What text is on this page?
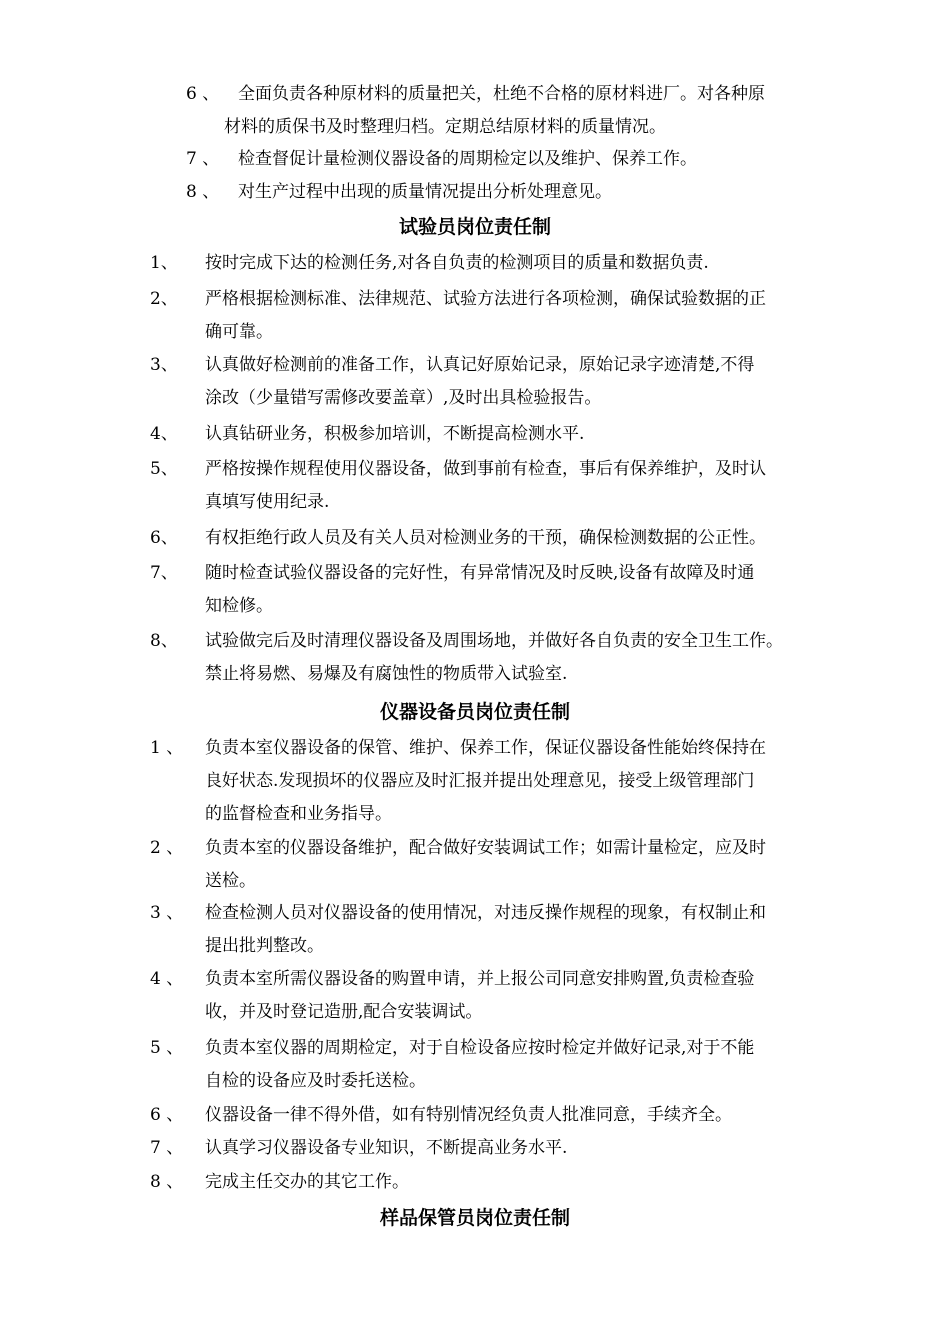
6 、 全面负责各种原材料的质量把关，杜绝不合格的原材料进厂。对各种原
材料的质保书及时整理归档。定期总结原材料的质量情况。
7 、 检查督促计量检测仪器设备的周期检定以及维护、保养工作。
8 、 对生产过程中出现的质量情况提出分析处理意见。
试验员岗位责任制
1、 按时完成下达的检测任务,对各自负责的检测项目的质量和数据负责.
2、 严格根据检测标准、法律规范、试验方法进行各项检测，确保试验数据的正
确可靠。
3、 认真做好检测前的准备工作，认真记好原始记录，原始记录字迹清楚,不得
涂改（少量错写需修改要盖章）,及时出具检验报告。
4、 认真钻研业务，积极参加培训，不断提高检测水平.
5、 严格按操作规程使用仪器设备，做到事前有检查，事后有保养维护，及时认
真填写使用纪录.
6、 有权拒绝行政人员及有关人员对检测业务的干预，确保检测数据的公正性。
7、 随时检查试验仪器设备的完好性，有异常情况及时反映,设备有故障及时通
知检修。
8、 试验做完后及时清理仪器设备及周围场地，并做好各自负责的安全卫生工作。
禁止将易燃、易爆及有腐蚀性的物质带入试验室.
仪器设备员岗位责任制
1 、 负责本室仪器设备的保管、维护、保养工作，保证仪器设备性能始终保持在
良好状态.发现损坏的仪器应及时汇报并提出处理意见，接受上级管理部门
的监督检查和业务指导。
2 、 负责本室的仪器设备维护，配合做好安装调试工作；如需计量检定，应及时
送检。
3 、 检查检测人员对仪器设备的使用情况，对违反操作规程的现象，有权制止和
提出批判整改。
4 、 负责本室所需仪器设备的购置申请，并上报公司同意安排购置,负责检查验
收，并及时登记造册,配合安装调试。
5 、 负责本室仪器的周期检定，对于自检设备应按时检定并做好记录,对于不能
自检的设备应及时委托送检。
6 、 仪器设备一律不得外借，如有特别情况经负责人批准同意，手续齐全。
7 、 认真学习仪器设备专业知识，不断提高业务水平.
8 、 完成主任交办的其它工作。
样品保管员岗位责任制
